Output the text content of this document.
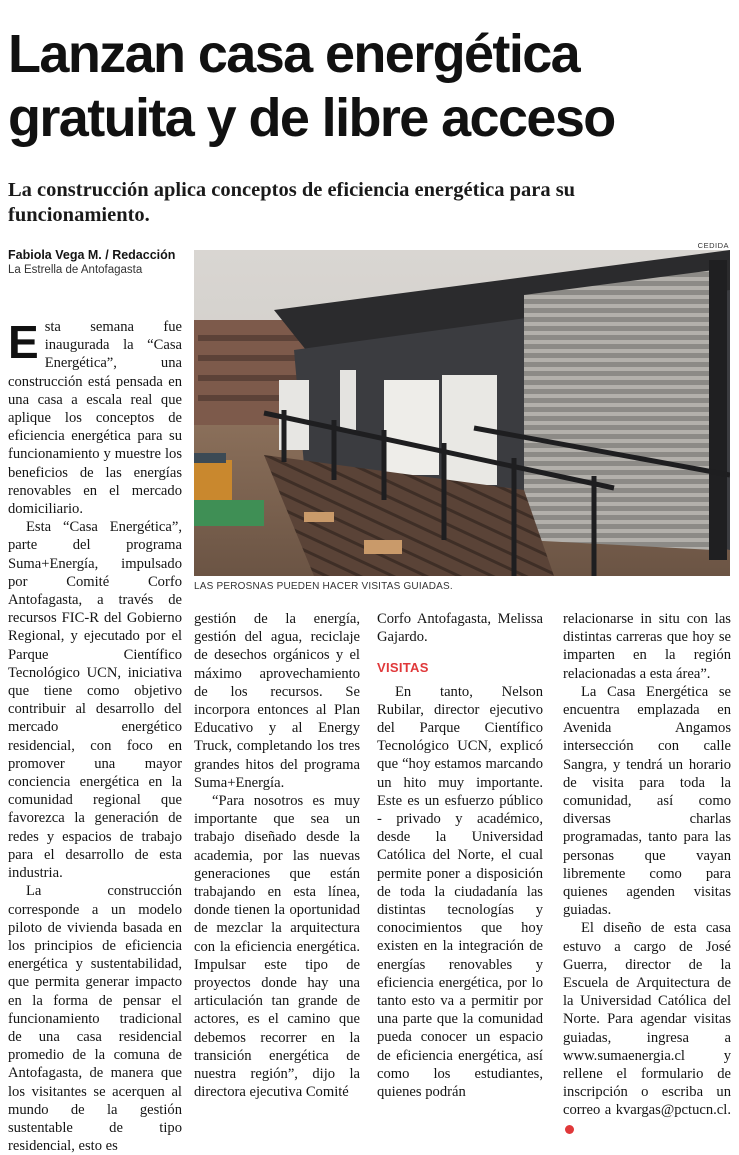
Lanzan casa energética gratuita y de libre acceso
La construcción aplica conceptos de eficiencia energética para su funcionamiento.
Fabiola Vega M. / Redacción
La Estrella de Antofagasta
CEDIDA
LAS PEROSNAS PUEDEN HACER VISITAS GUIADAS.

Esta semana fue inaugurada la “Casa Energética”, una construcción está pensada en una casa a escala real que aplique los conceptos de eficiencia energética para su funcionamiento y muestre los beneficios de las energías renovables en el mercado domiciliario.

Esta “Casa Energética”, parte del programa Suma+Energía, impulsado por Comité Corfo Antofagasta, a través de recursos FIC-R del Gobierno Regional, y ejecutado por el Parque Científico Tecnológico UCN, iniciativa que tiene como objetivo contribuir al desarrollo del mercado energético residencial, con foco en promover una mayor conciencia energética en la comunidad regional que favorezca la generación de redes y espacios de trabajo para el desarrollo de esta industria.

La construcción corresponde a un modelo piloto de vivienda basada en los principios de eficiencia energética y sustentabilidad, que permita generar impacto en la forma de pensar el funcionamiento tradicional de una casa residencial promedio de la comuna de Antofagasta, de manera que los visitantes se acerquen al mundo de la gestión sustentable de tipo residencial, esto es

gestión de la energía, gestión del agua, reciclaje de desechos orgánicos y el máximo aprovechamiento de los recursos. Se incorpora entonces al Plan Educativo y al Energy Truck, completando los tres grandes hitos del programa Suma+Energía.

“Para nosotros es muy importante que sea un trabajo diseñado desde la academia, por las nuevas generaciones que están trabajando en esta línea, donde tienen la oportunidad de mezclar la arquitectura con la eficiencia energética. Impulsar este tipo de proyectos donde hay una articulación tan grande de actores, es el camino que debemos recorrer en la transición energética de nuestra región”, dijo la directora ejecutiva Comité

Corfo Antofagasta, Melissa Gajardo.

VISITAS

En tanto, Nelson Rubilar, director ejecutivo del Parque Científico Tecnológico UCN, explicó que “hoy estamos marcando un hito muy importante. Este es un esfuerzo público - privado y académico, desde la Universidad Católica del Norte, el cual permite poner a disposición de toda la ciudadanía las distintas tecnologías y conocimientos que hoy existen en la integración de energías renovables y eficiencia energética, por lo tanto esto va a permitir por una parte que la comunidad pueda conocer un espacio de eficiencia energética, así como los estudiantes, quienes podrán

relacionarse in situ con las distintas carreras que hoy se imparten en la región relacionadas a esta área”.

La Casa Energética se encuentra emplazada en Avenida Angamos intersección con calle Sangra, y tendrá un horario de visita para toda la comunidad, así como diversas charlas programadas, tanto para las personas que vayan libremente como para quienes agenden visitas guiadas.

El diseño de esta casa estuvo a cargo de José Guerra, director de la Escuela de Arquitectura de la Universidad Católica del Norte. Para agendar visitas guiadas, ingresa a www.sumaenergia.cl y rellene el formulario de inscripción o escriba un correo a kvargas@pctucn.cl.
